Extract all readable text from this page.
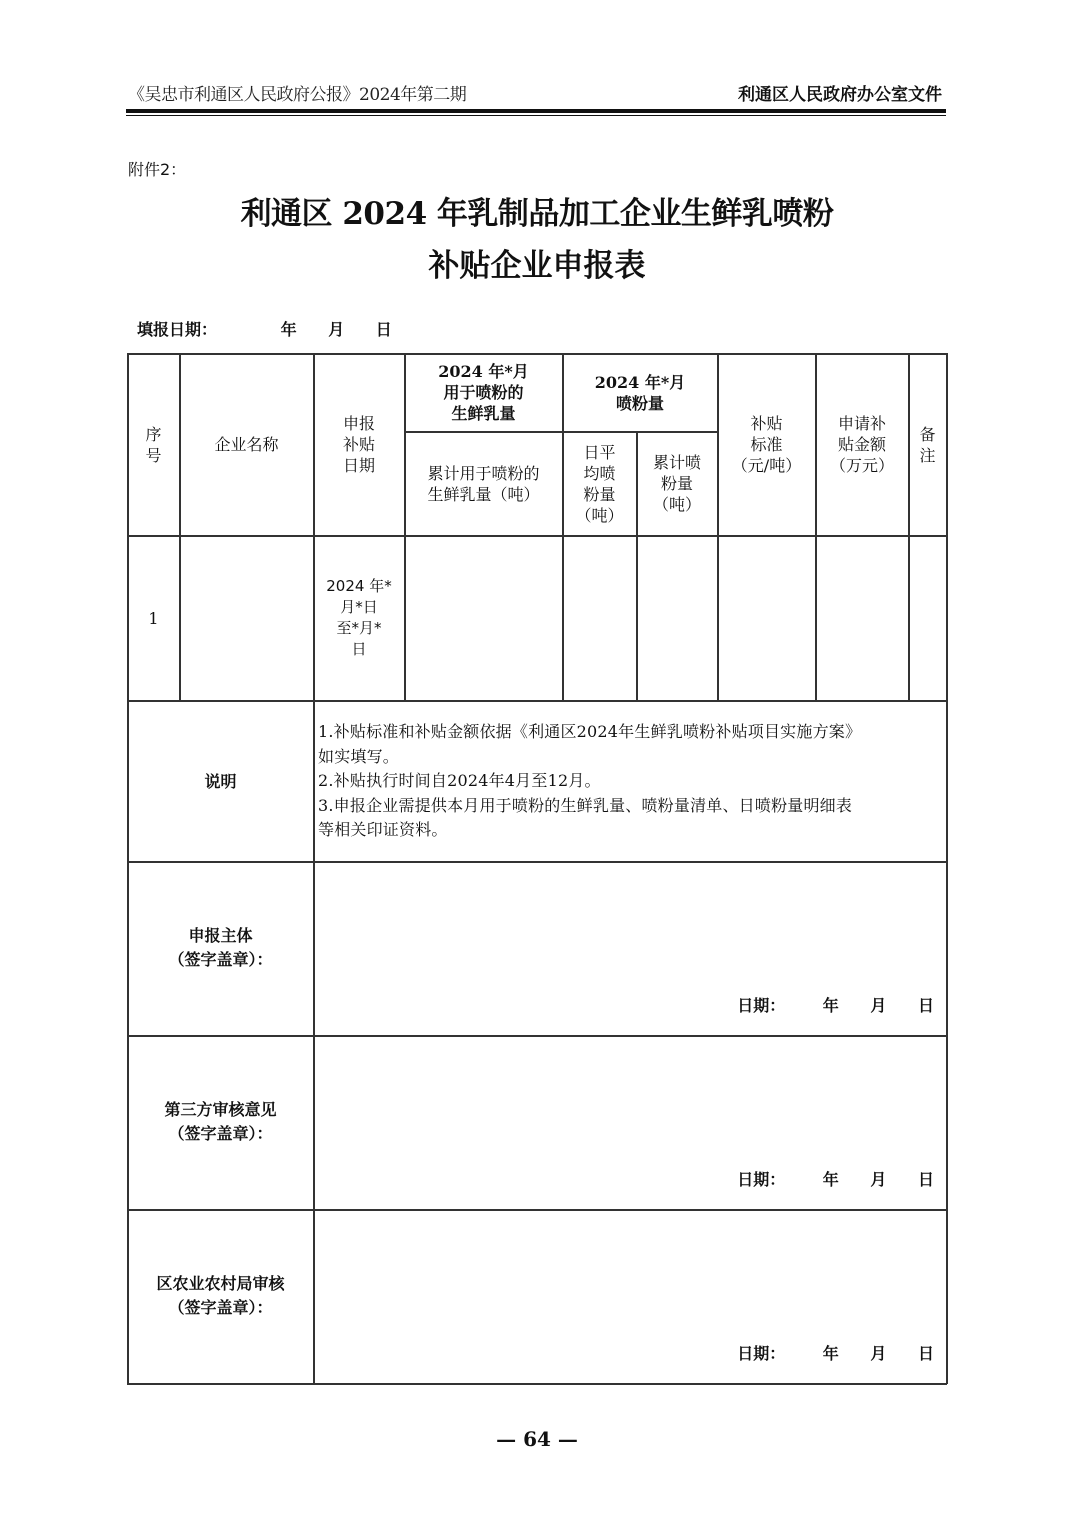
《吴忠市利通区人民政府公报》2024年第二期	利通区人民政府办公室文件
附件2：
利通区 2024 年乳制品加工企业生鲜乳喷粉
补贴企业申报表
填报日期：	年 月 日
序
号
企业名称
申报
补贴
日期
2024 年*月
用于喷粉的
生鲜乳量
累计用于喷粉的
生鲜乳量（吨）
2024 年*月
喷粉量
日平
均喷
粉量
（吨）
累计喷
粉量
（吨）
补贴
标准
（元/吨）
申请补
贴金额
（万元）
备
注
1
2024 年*
月*日
至*月*
日
说明
1.补贴标准和补贴金额依据《利通区2024年生鲜乳喷粉补贴项目实施方案》
如实填写。
2.补贴执行时间自2024年4月至12月。
3.申报企业需提供本月用于喷粉的生鲜乳量、喷粉量清单、日喷粉量明细表
等相关印证资料。
申报主体
（签字盖章）：
日期： 年 月 日
第三方审核意见
（签字盖章）：
日期： 年 月 日
区农业农村局审核
（签字盖章）：
日期： 年 月 日
— 64 —
